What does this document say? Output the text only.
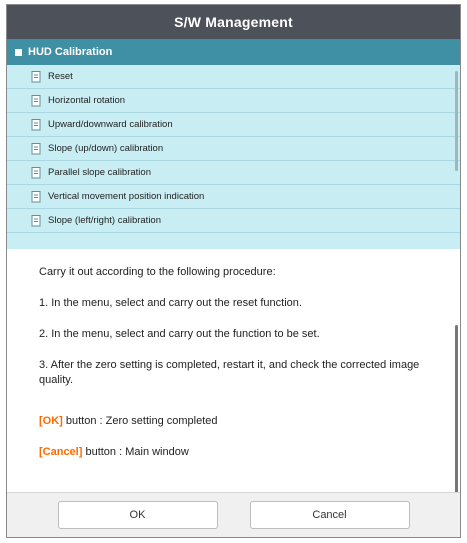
S/W Management
HUD Calibration
Reset
Horizontal rotation
Upward/downward calibration
Slope (up/down) calibration
Parallel slope calibration
Vertical movement position indication
Slope (left/right) calibration

Carry it out according to the following procedure:

1. In the menu, select and carry out the reset function.

2. In the menu, select and carry out the function to be set.

3. After the zero setting is completed, restart it, and check the corrected image quality.

[OK] button : Zero setting completed

[Cancel] button : Main window

OK	Cancel
